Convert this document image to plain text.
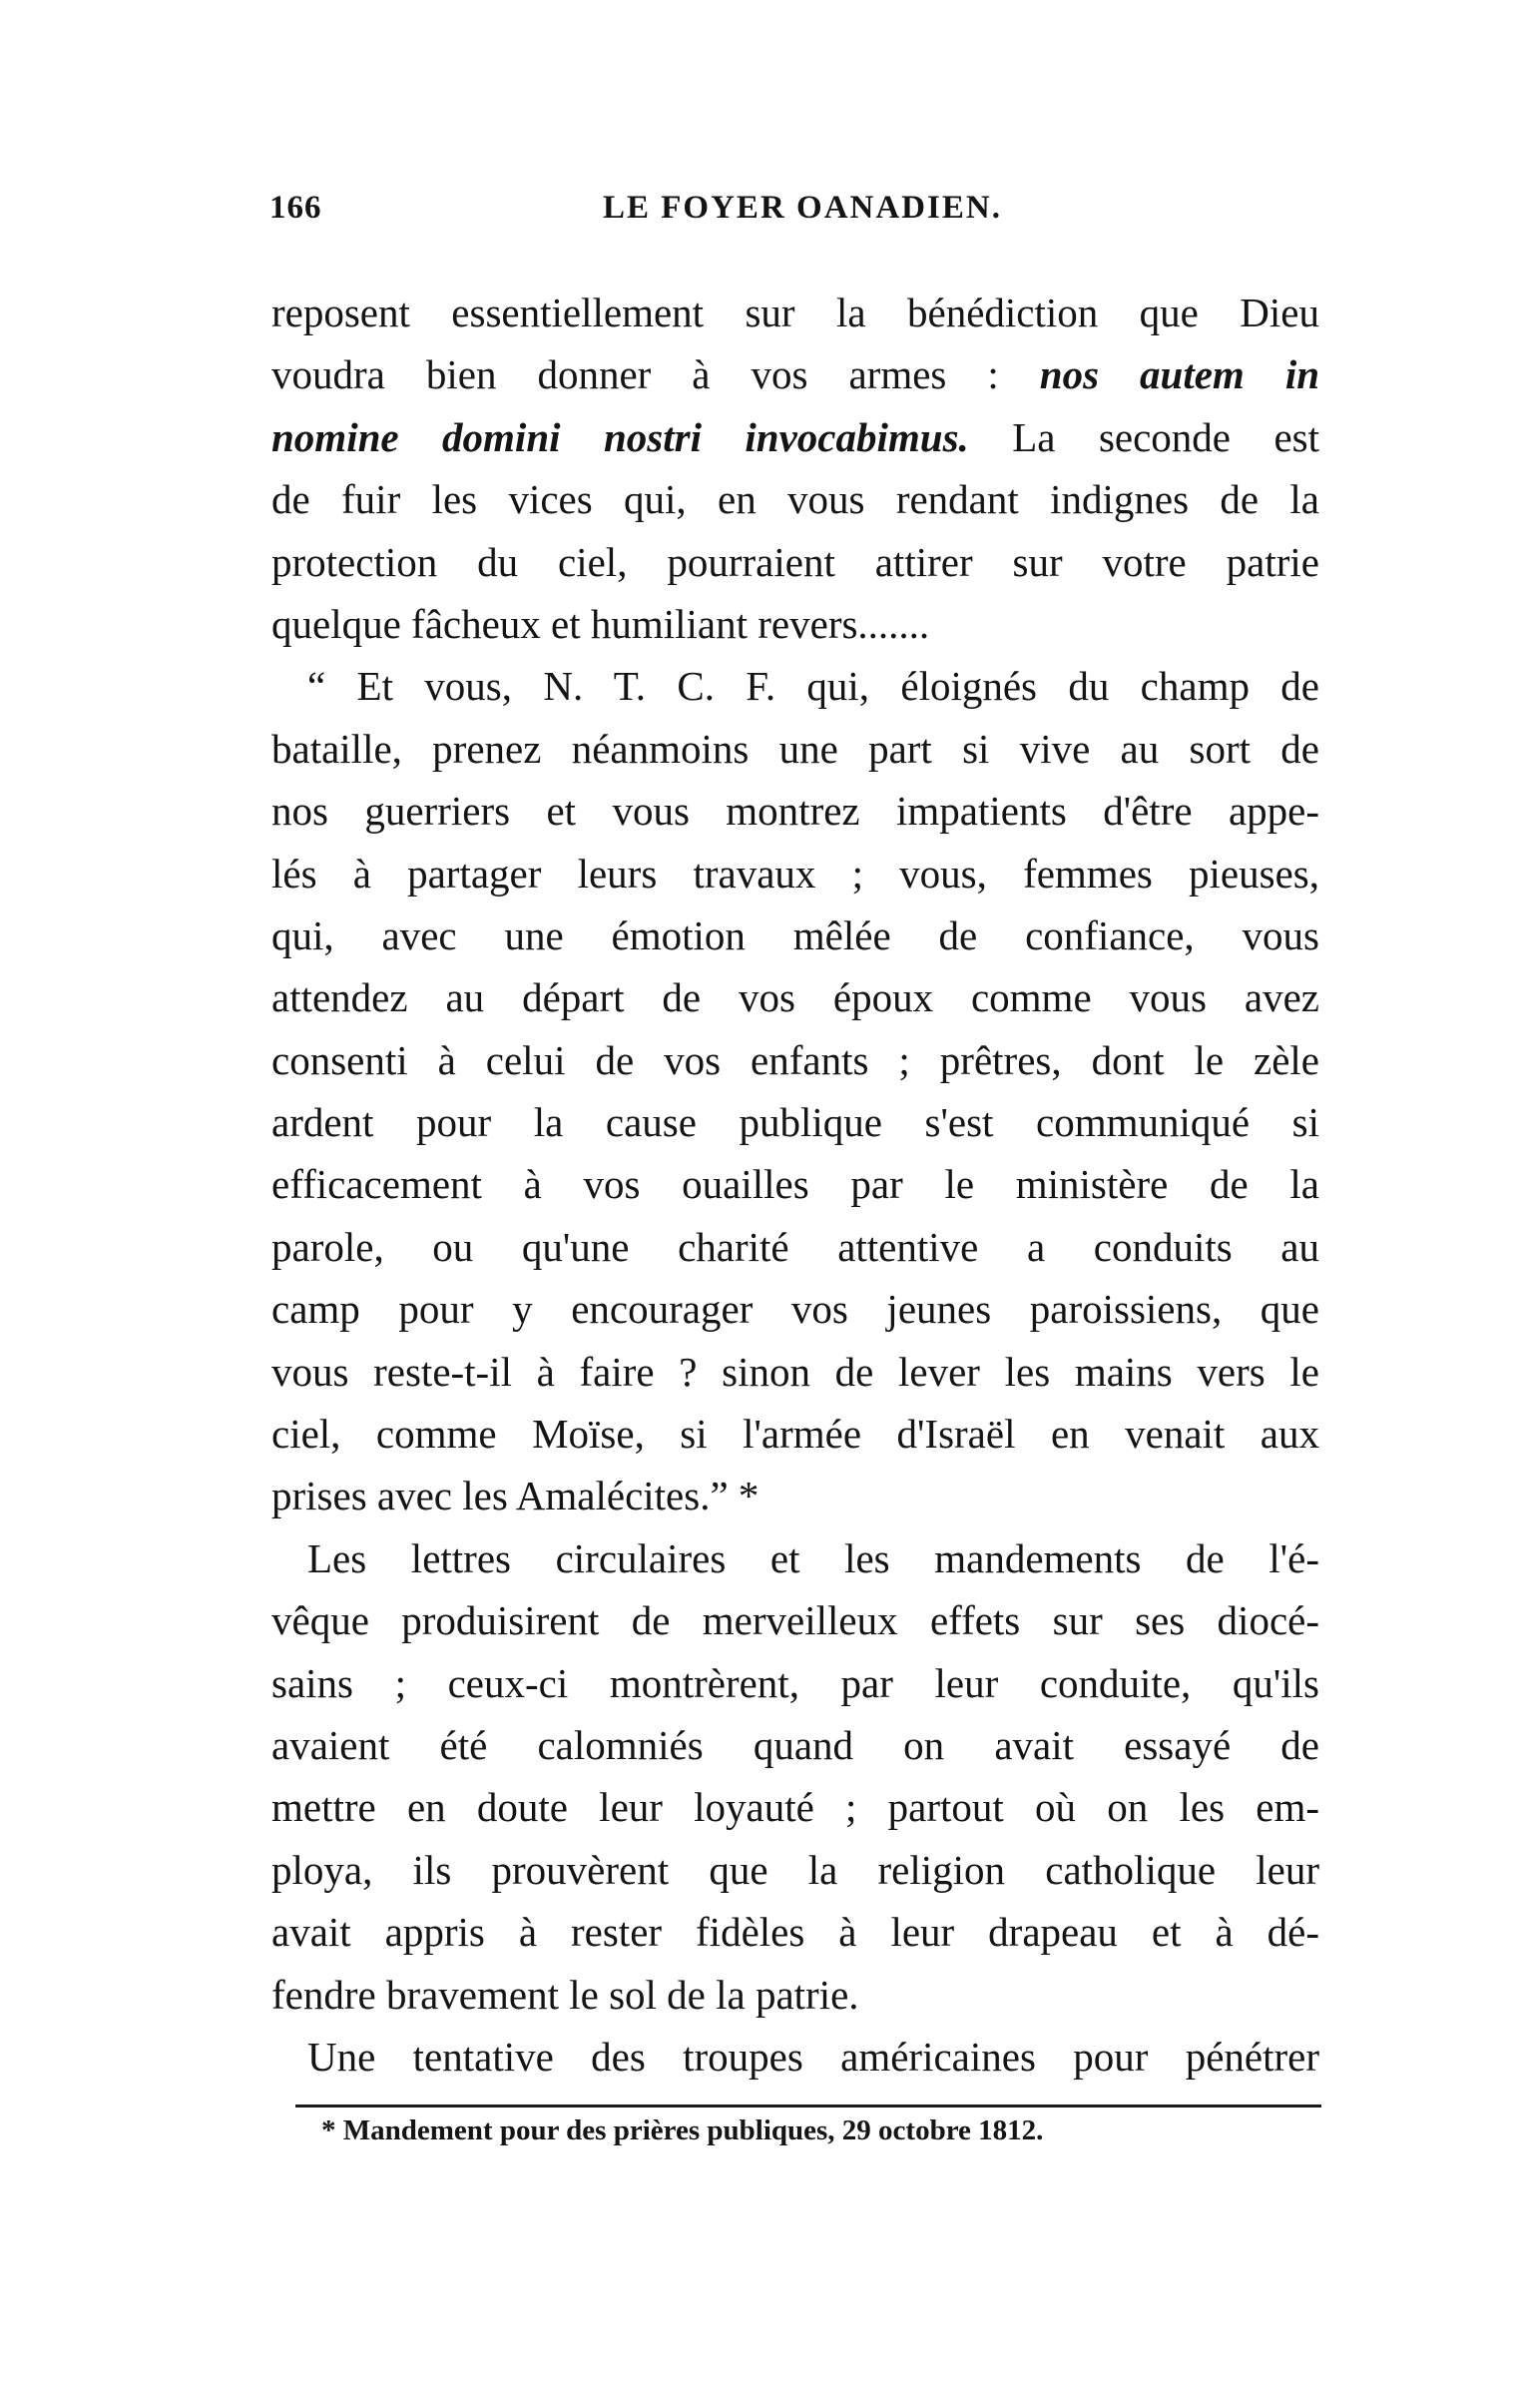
166	LE FOYER OANADIEN.
reposent essentiellement sur la bénédiction que Dieu
voudra bien donner à vos armes : nos autem in
nomine domini nostri invocabimus. La seconde est
de fuir les vices qui, en vous rendant indignes de la
protection du ciel, pourraient attirer sur votre patrie
quelque fâcheux et humiliant revers.......
“ Et vous, N. T. C. F. qui, éloignés du champ de
bataille, prenez néanmoins une part si vive au sort de
nos guerriers et vous montrez impatients d'être appe-
lés à partager leurs travaux ; vous, femmes pieuses,
qui, avec une émotion mêlée de confiance, vous
attendez au départ de vos époux comme vous avez
consenti à celui de vos enfants ; prêtres, dont le zèle
ardent pour la cause publique s'est communiqué si
efficacement à vos ouailles par le ministère de la
parole, ou qu'une charité attentive a conduits au
camp pour y encourager vos jeunes paroissiens, que
vous reste-t-il à faire ? sinon de lever les mains vers le
ciel, comme Moïse, si l'armée d'Israël en venait aux
prises avec les Amalécites.” *
Les lettres circulaires et les mandements de l'é-
vêque produisirent de merveilleux effets sur ses diocé-
sains ; ceux-ci montrèrent, par leur conduite, qu'ils
avaient été calomniés quand on avait essayé de
mettre en doute leur loyauté ; partout où on les em-
ploya, ils prouvèrent que la religion catholique leur
avait appris à rester fidèles à leur drapeau et à dé-
fendre bravement le sol de la patrie.
Une tentative des troupes américaines pour pénétrer
* Mandement pour des prières publiques, 29 octobre 1812.
